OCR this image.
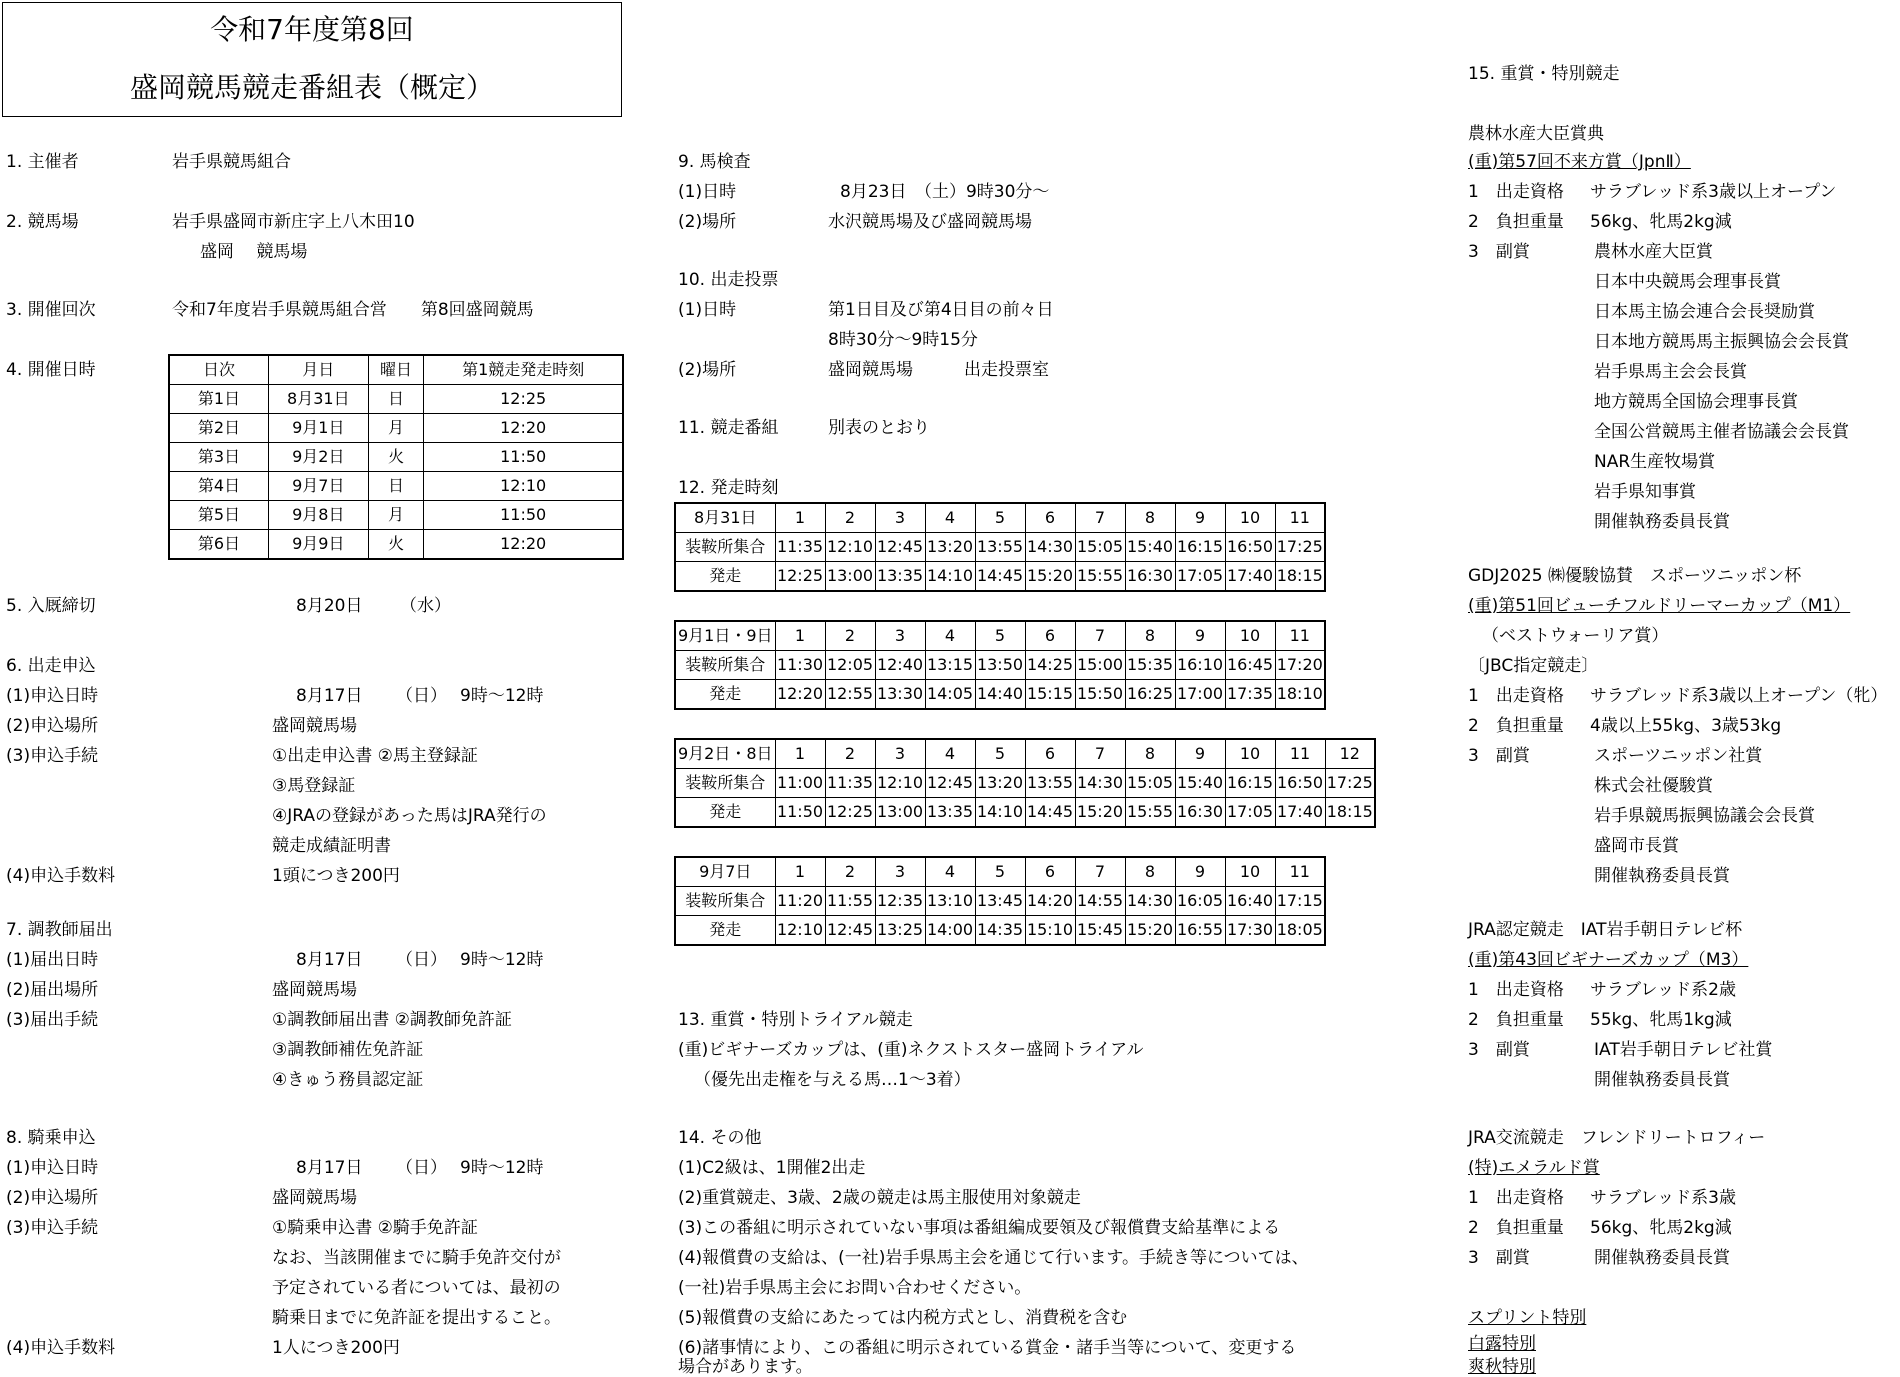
令和7年度第8回
盛岡競馬競走番組表（概定）
1. 主催者	岩手県競馬組合
2. 競馬場	岩手県盛岡市新庄字上八木田10
盛岡　 競馬場
3. 開催回次	令和7年度岩手県競馬組合営　　第8回盛岡競馬
4. 開催日時	日次	月日	曜日	第1競走発走時刻
第1日	8月31日	日	12:25
第2日	9月1日	月	12:20
第3日	9月2日	火	11:50
第4日	9月7日	日	12:10
第5日	9月8日	月	11:50
第6日	9月9日	火	12:20
5. 入厩締切	8月20日 （水）
6. 出走申込
(1)申込日時	8月17日 （日） 9時～12時
(2)申込場所	盛岡競馬場
(3)申込手続	①出走申込書 ②馬主登録証
③馬登録証
④JRAの登録があった馬はJRA発行の
競走成績証明書
(4)申込手数料	1頭につき200円
7. 調教師届出
(1)届出日時	8月17日 （日） 9時～12時
(2)届出場所	盛岡競馬場
(3)届出手続	①調教師届出書 ②調教師免許証
③調教師補佐免許証
④きゅう務員認定証
8. 騎乗申込
(1)申込日時	8月17日 （日） 9時～12時
(2)申込場所	盛岡競馬場
(3)申込手続	①騎乗申込書 ②騎手免許証
なお、当該開催までに騎手免許交付が
予定されている者については、最初の
騎乗日までに免許証を提出すること。
(4)申込手数料	1人につき200円
9. 馬検査
(1)日時	8月23日　（土）9時30分～
(2)場所	水沢競馬場及び盛岡競馬場
10. 出走投票
(1)日時	第1日目及び第4日目の前々日
8時30分～9時15分
(2)場所	盛岡競馬場　　　出走投票室
11. 競走番組	別表のとおり
12. 発走時刻
8月31日	1	2	3	4	5	6	7	8	9	10	11
装鞍所集合	11:35	12:10	12:45	13:20	13:55	14:30	15:05	15:40	16:15	16:50	17:25
発走	12:25	13:00	13:35	14:10	14:45	15:20	15:55	16:30	17:05	17:40	18:15
9月1日・9日	1	2	3	4	5	6	7	8	9	10	11
装鞍所集合	11:30	12:05	12:40	13:15	13:50	14:25	15:00	15:35	16:10	16:45	17:20
発走	12:20	12:55	13:30	14:05	14:40	15:15	15:50	16:25	17:00	17:35	18:10
9月2日・8日	1	2	3	4	5	6	7	8	9	10	11	12
装鞍所集合	11:00	11:35	12:10	12:45	13:20	13:55	14:30	15:05	15:40	16:15	16:50	17:25
発走	11:50	12:25	13:00	13:35	14:10	14:45	15:20	15:55	16:30	17:05	17:40	18:15
9月7日	1	2	3	4	5	6	7	8	9	10	11
装鞍所集合	11:20	11:55	12:35	13:10	13:45	14:20	14:55	14:30	16:05	16:40	17:15
発走	12:10	12:45	13:25	14:00	14:35	15:10	15:45	15:20	16:55	17:30	18:05
13. 重賞・特別トライアル競走
(重)ビギナーズカップは、(重)ネクストスター盛岡トライアル
（優先出走権を与える馬…1～3着）
14. その他
(1)C2級は、1開催2出走
(2)重賞競走、3歳、2歳の競走は馬主服使用対象競走
(3)この番組に明示されていない事項は番組編成要領及び報償費支給基準による
(4)報償費の支給は、(一社)岩手県馬主会を通じて行います。手続き等については、
(一社)岩手県馬主会にお問い合わせください。
(5)報償費の支給にあたっては内税方式とし、消費税を含む
(6)諸事情により、この番組に明示されている賞金・諸手当等について、変更する
場合があります。
15. 重賞・特別競走
農林水産大臣賞典
(重)第57回不来方賞（JpnⅡ）
1　出走資格 サラブレッド系3歳以上オープン
2　負担重量 56kg、牝馬2kg減
3　副賞	農林水産大臣賞
日本中央競馬会理事長賞
日本馬主協会連合会長奨励賞
日本地方競馬馬主振興協会会長賞
岩手県馬主会会長賞
地方競馬全国協会理事長賞
全国公営競馬主催者協議会会長賞
NAR生産牧場賞
岩手県知事賞
開催執務委員長賞
GDJ2025 ㈱優駿協賛　スポーツニッポン杯
(重)第51回ビューチフルドリーマーカップ（M1）
（ベストウォーリア賞）
〔JBC指定競走〕
1　出走資格 サラブレッド系3歳以上オープン（牝）
2　負担重量 4歳以上55kg、3歳53kg
3　副賞	スポーツニッポン社賞
株式会社優駿賞
岩手県競馬振興協議会会長賞
盛岡市長賞
開催執務委員長賞
JRA認定競走　IAT岩手朝日テレビ杯
(重)第43回ビギナーズカップ（M3）
1　出走資格 サラブレッド系2歳
2　負担重量 55kg、牝馬1kg減
3　副賞	IAT岩手朝日テレビ社賞
開催執務委員長賞
JRA交流競走　フレンドリートロフィー
(特)エメラルド賞
1　出走資格 サラブレッド系3歳
2　負担重量 56kg、牝馬2kg減
3　副賞	開催執務委員長賞
スプリント特別
白露特別
爽秋特別
